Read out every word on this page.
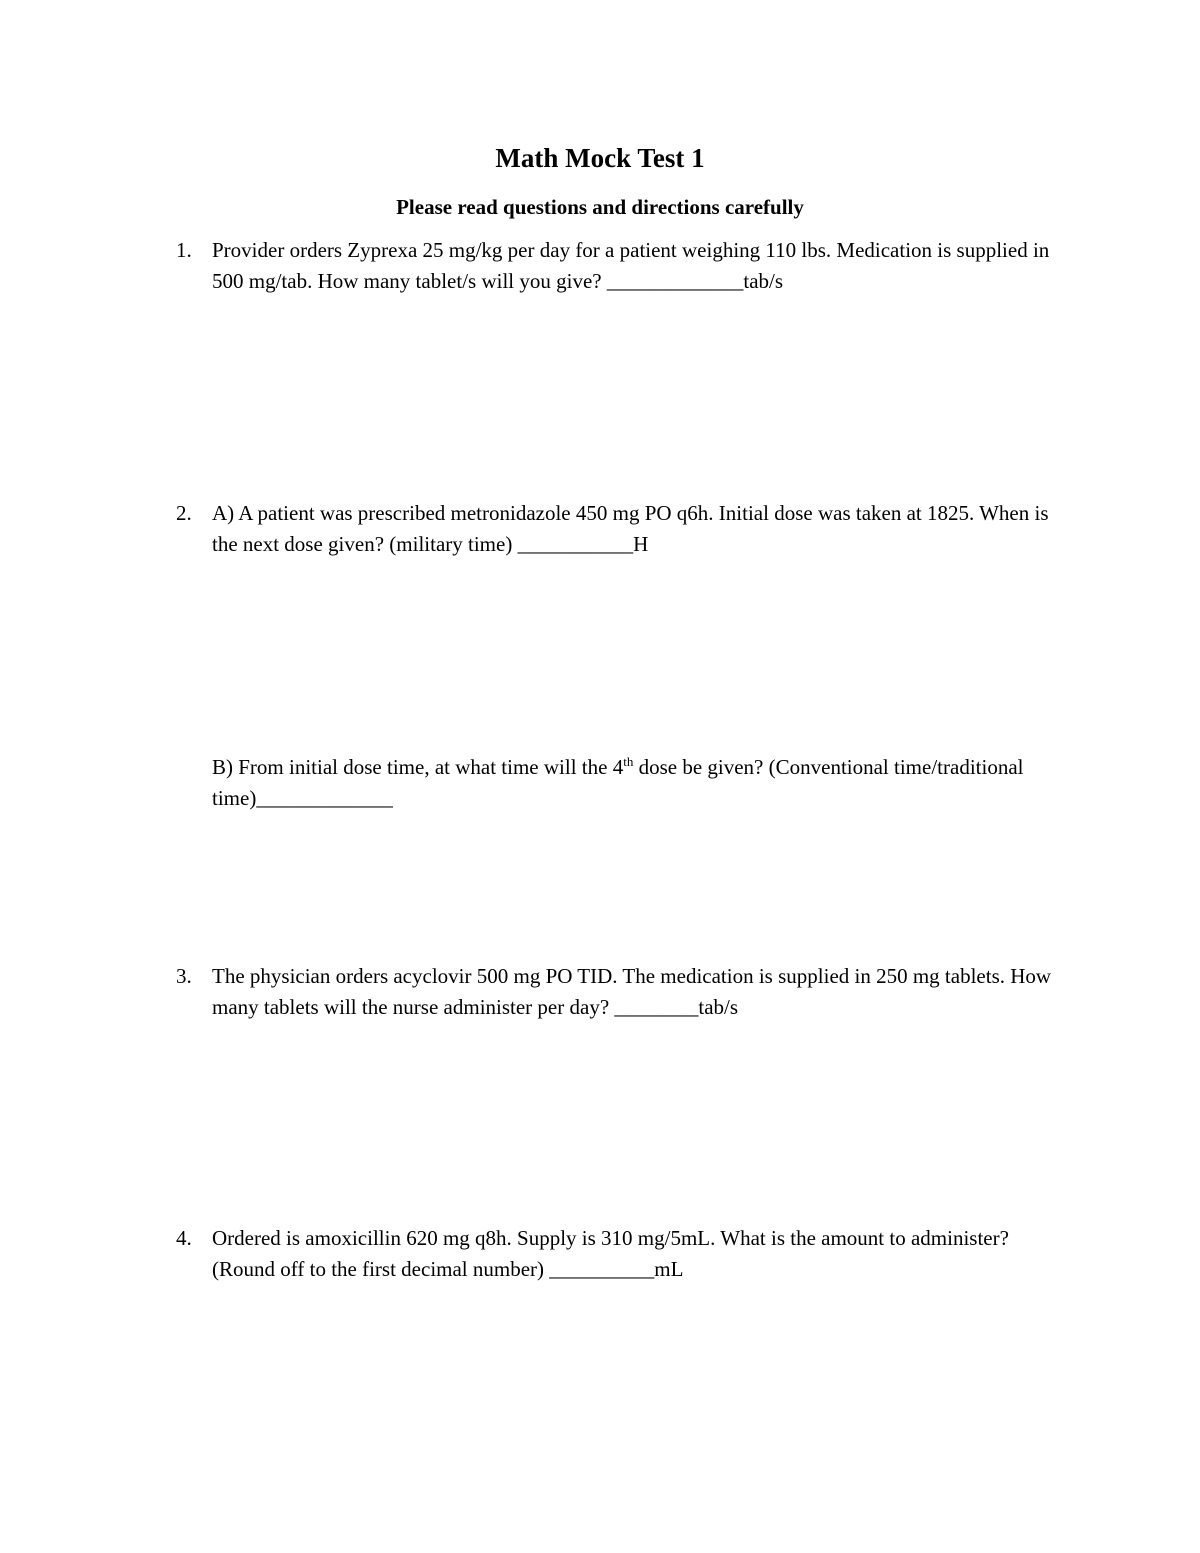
Math Mock Test 1
Please read questions and directions carefully
1. Provider orders Zyprexa 25 mg/kg per day for a patient weighing 110 lbs. Medication is supplied in 500 mg/tab. How many tablet/s will you give? _____________tab/s
2. A) A patient was prescribed metronidazole 450 mg PO q6h. Initial dose was taken at 1825. When is the next dose given? (military time) ___________H
B) From initial dose time, at what time will the 4th dose be given? (Conventional time/traditional time)_____________
3. The physician orders acyclovir 500 mg PO TID. The medication is supplied in 250 mg tablets. How many tablets will the nurse administer per day? ________tab/s
4. Ordered is amoxicillin 620 mg q8h. Supply is 310 mg/5mL. What is the amount to administer? (Round off to the first decimal number) __________mL
